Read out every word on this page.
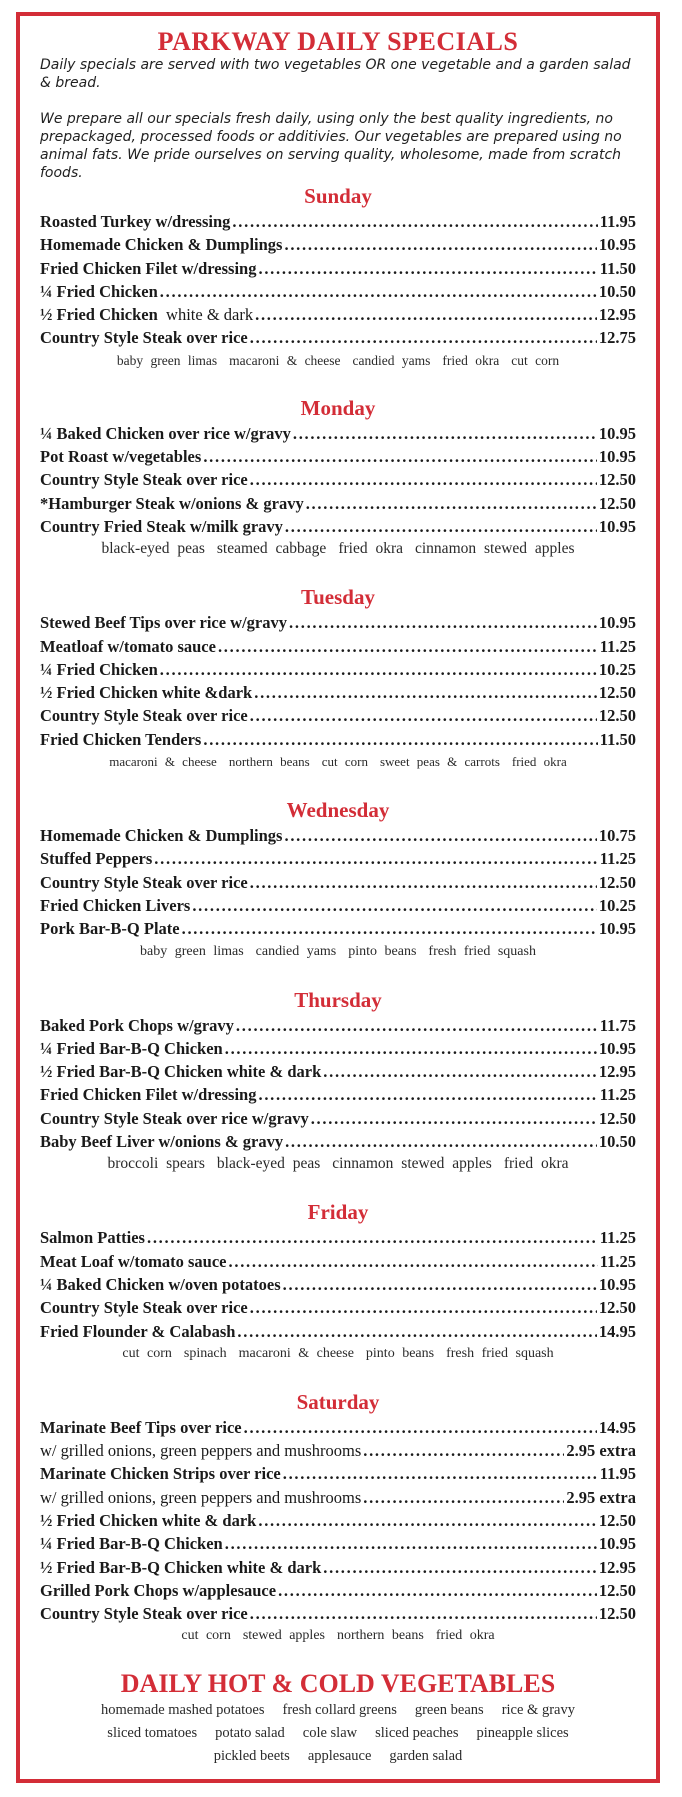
PARKWAY DAILY SPECIALS

Daily specials are served with two vegetables OR one vegetable and a garden salad & bread.

We prepare all our specials fresh daily, using only the best quality ingredients, no prepackaged, processed foods or additivies. Our vegetables are prepared using no animal fats. We pride ourselves on serving quality, wholesome, made from scratch foods.

Sunday
Roasted Turkey w/dressing . . .	11.95
Homemade Chicken & Dumplings . . .	10.95
Fried Chicken Filet w/dressing . . .	11.50
¼ Fried Chicken . . .	10.50
½ Fried Chicken white & dark . . .	12.95
Country Style Steak over rice . . .	12.75
baby green limas macaroni & cheese candied yams fried okra cut corn
Monday
¼ Baked Chicken over rice w/gravy . . .	10.95
Pot Roast w/vegetables . . .	10.95
Country Style Steak over rice . . .	12.50
*Hamburger Steak w/onions & gravy . . .	12.50
Country Fried Steak w/milk gravy . . .	10.95
black-eyed peas steamed cabbage fried okra cinnamon stewed apples
Tuesday
Stewed Beef Tips over rice w/gravy . . .	10.95
Meatloaf w/tomato sauce . . .	11.25
¼ Fried Chicken . . .	10.25
½ Fried Chicken white &dark . . .	12.50
Country Style Steak over rice . . .	12.50
Fried Chicken Tenders . . .	11.50
macaroni & cheese northern beans cut corn sweet peas & carrots fried okra
Wednesday
Homemade Chicken & Dumplings . . .	10.75
Stuffed Peppers . . .	11.25
Country Style Steak over rice . . .	12.50
Fried Chicken Livers . . .	10.25
Pork Bar-B-Q Plate . . .	10.95
baby green limas candied yams pinto beans fresh fried squash
Thursday
Baked Pork Chops w/gravy . . .	11.75
¼ Fried Bar-B-Q Chicken . . .	10.95
½ Fried Bar-B-Q Chicken white & dark . . .	12.95
Fried Chicken Filet w/dressing . . .	11.25
Country Style Steak over rice w/gravy . . .	12.50
Baby Beef Liver w/onions & gravy . . .	10.50
broccoli spears black-eyed peas cinnamon stewed apples fried okra
Friday
Salmon Patties . . .	11.25
Meat Loaf w/tomato sauce . . .	11.25
¼ Baked Chicken w/oven potatoes . . .	10.95
Country Style Steak over rice . . .	12.50
Fried Flounder & Calabash . . .	14.95
cut corn spinach macaroni & cheese pinto beans fresh fried squash
Saturday
Marinate Beef Tips over rice . . .	14.95
w/ grilled onions, green peppers and mushrooms . . .	2.95 extra
Marinate Chicken Strips over rice . . .	11.95
w/ grilled onions, green peppers and mushrooms . . .	2.95 extra
½ Fried Chicken white & dark . . .	12.50
¼ Fried Bar-B-Q Chicken . . .	10.95
½ Fried Bar-B-Q Chicken white & dark . . .	12.95
Grilled Pork Chops w/applesauce . . .	12.50
Country Style Steak over rice . . .	12.50
cut corn stewed apples northern beans fried okra
DAILY HOT & COLD VEGETABLES
homemade mashed potatoes fresh collard greens green beans rice & gravy
sliced tomatoes potato salad cole slaw sliced peaches pineapple slices
pickled beets applesauce garden salad
